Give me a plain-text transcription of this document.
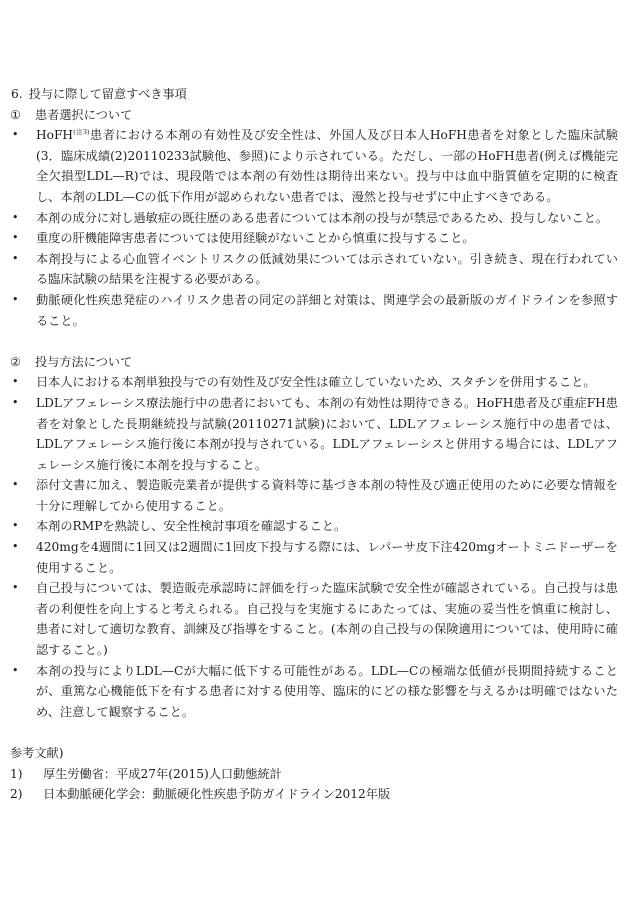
6. 投与に際して留意すべき事項

①	患者選択について

•	HoFH$^{(注3)}$患者における本剤の有効性及び安全性は、外国人及び日本人HoFH患者を対象とした臨床試験(3．臨床成績(2)20110233試験他、参照)により示されている。ただし、一部のHoFH患者(例えば機能完全欠損型LDL—R)では、現段階では本剤の有効性は期待出来ない。投与中は血中脂質値を定期的に検査し、本剤のLDL—Cの低下作用が認められない患者では、漫然と投与せずに中止すべきである。
•	本剤の成分に対し過敏症の既往歴のある患者については本剤の投与が禁忌であるため、投与しないこと。
•	重度の肝機能障害患者については使用経験がないことから慎重に投与すること。
•	本剤投与による心血管イベントリスクの低減効果については示されていない。引き続き、現在行われている臨床試験の結果を注視する必要がある。
•	動脈硬化性疾患発症のハイリスク患者の同定の詳細と対策は、関連学会の最新版のガイドラインを参照すること。

②	投与方法について

•	日本人における本剤単独投与での有効性及び安全性は確立していないため、スタチンを併用すること。
•	LDLアフェレーシス療法施行中の患者においても、本剤の有効性は期待できる。HoFH患者及び重症FH患者を対象とした長期継続投与試験(20110271試験)において、LDLアフェレーシス施行中の患者では、LDLアフェレーシス施行後に本剤が投与されている。LDLアフェレーシスと併用する場合には、LDLアフェレーシス施行後に本剤を投与すること。
•	添付文書に加え、製造販売業者が提供する資料等に基づき本剤の特性及び適正使用のために必要な情報を十分に理解してから使用すること。
•	本剤のRMPを熟読し、安全性検討事項を確認すること。
•	420mgを4週間に1回又は2週間に1回皮下投与する際には、レパーサ皮下注420mgオートミニドーザーを使用すること。
•	自己投与については、製造販売承認時に評価を行った臨床試験で安全性が確認されている。自己投与は患者の利便性を向上すると考えられる。自己投与を実施するにあたっては、実施の妥当性を慎重に検討し、患者に対して適切な教育、訓練及び指導をすること。(本剤の自己投与の保険適用については、使用時に確認すること。)
•	本剤の投与によりLDL—Cが大幅に低下する可能性がある。LDL—Cの極端な低値が長期間持続することが、重篤な心機能低下を有する患者に対する使用等、臨床的にどの様な影響を与えるかは明確ではないため、注意して観察すること。

参考文献)

1)	厚生労働省：平成27年(2015)人口動態統計
2)	日本動脈硬化学会：動脈硬化性疾患予防ガイドライン2012年版
